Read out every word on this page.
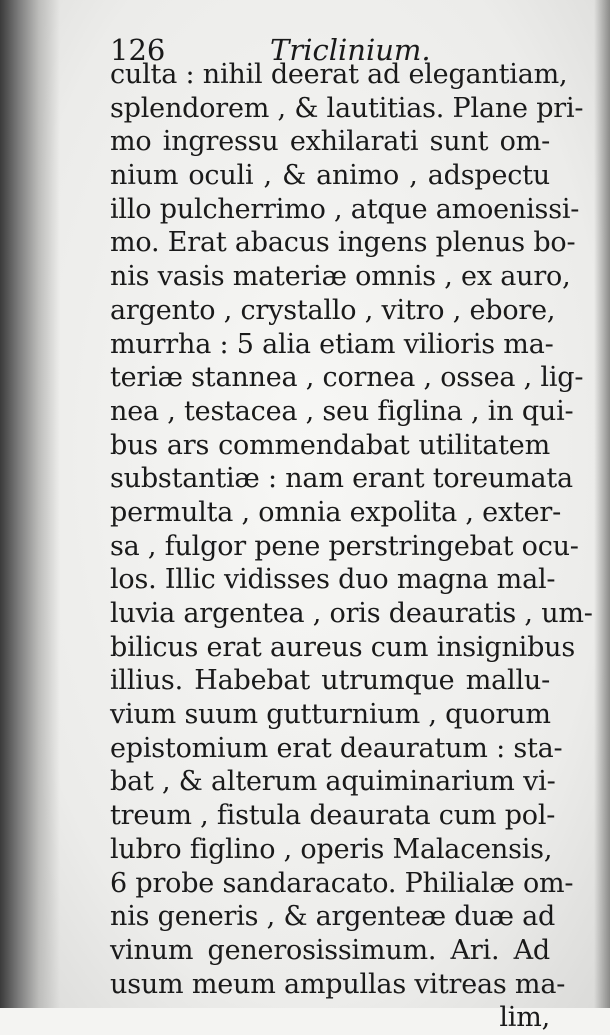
126	Triclinium.
culta : nihil deerat ad elegantiam,
splendorem , & lautitias. Plane pri-
mo ingressu exhilarati sunt om-
nium oculi , & animo , adspectu
illo pulcherrimo , atque amoenissi-
mo. Erat abacus ingens plenus bo-
nis vasis materiæ omnis , ex auro,
argento , crystallo , vitro , ebore,
murrha : 5 alia etiam vilioris ma-
teriæ stannea , cornea , ossea , lig-
nea , testacea , seu figlina , in qui-
bus ars commendabat utilitatem
substantiæ : nam erant toreumata
permulta , omnia expolita , exter-
sa , fulgor pene perstringebat ocu-
los. Illic vidisses duo magna mal-
luvia argentea , oris deauratis , um-
bilicus erat aureus cum insignibus
illius. Habebat utrumque mallu-
vium suum gutturnium , quorum
epistomium erat deauratum : sta-
bat , & alterum aquiminarium vi-
treum , fistula deaurata cum pol-
lubro figlino , operis Malacensis,
6 probe sandaracato. Philialæ om-
nis generis , & argenteæ duæ ad
vinum generosissimum. Ari. Ad
usum meum ampullas vitreas ma-
lim,
